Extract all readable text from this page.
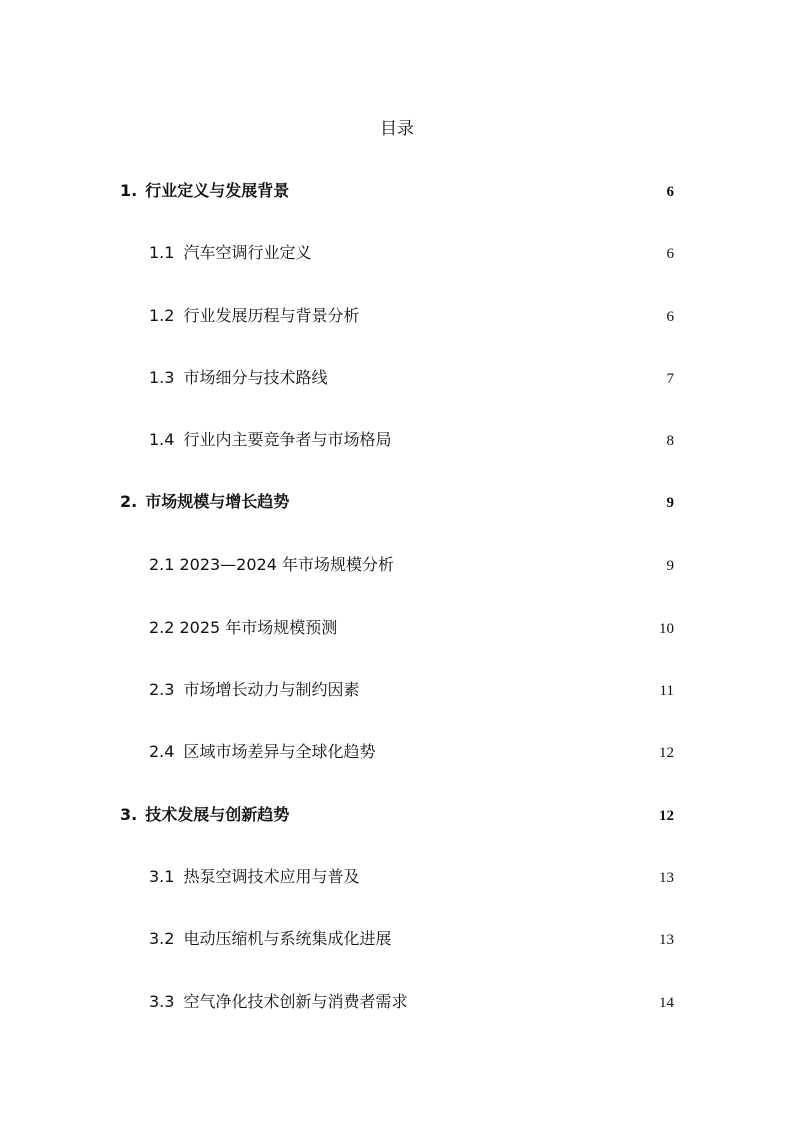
目录
1. 行业定义与发展背景	6
1.1 汽车空调行业定义	6
1.2 行业发展历程与背景分析	6
1.3 市场细分与技术路线	7
1.4 行业内主要竞争者与市场格局	8
2. 市场规模与增长趋势	9
2.1 2023—2024 年市场规模分析	9
2.2 2025 年市场规模预测	10
2.3 市场增长动力与制约因素	11
2.4 区域市场差异与全球化趋势	12
3. 技术发展与创新趋势	12
3.1 热泵空调技术应用与普及	13
3.2 电动压缩机与系统集成化进展	13
3.3 空气净化技术创新与消费者需求	14
